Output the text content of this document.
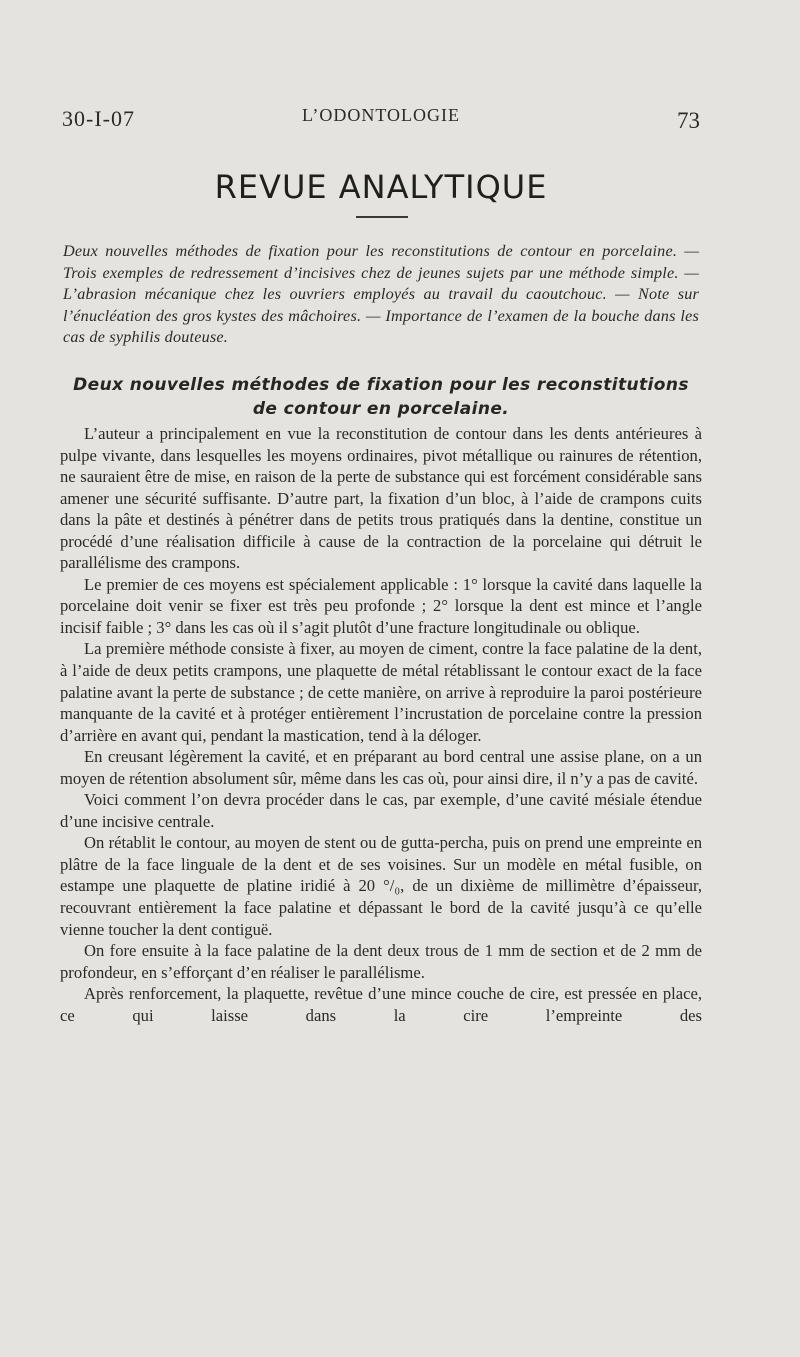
30-I-07	L’ODONTOLOGIE	73
REVUE ANALYTIQUE
Deux nouvelles méthodes de fixation pour les reconstitutions de contour en porcelaine. — Trois exemples de redressement d’incisives chez de jeunes sujets par une méthode simple. — L’abrasion mécanique chez les ouvriers employés au travail du caoutchouc. — Note sur l’énucléation des gros kystes des mâchoires. — Importance de l’examen de la bouche dans les cas de syphilis douteuse.
Deux nouvelles méthodes de fixation pour les reconstitutions de contour en porcelaine.

L’auteur a principalement en vue la reconstitution de contour dans les dents antérieures à pulpe vivante, dans lesquelles les moyens ordinaires, pivot métallique ou rainures de rétention, ne sauraient être de mise, en raison de la perte de substance qui est forcément considérable sans amener une sécurité suffisante. D’autre part, la fixation d’un bloc, à l’aide de crampons cuits dans la pâte et destinés à pénétrer dans de petits trous pratiqués dans la dentine, constitue un procédé d’une réalisation difficile à cause de la contraction de la porcelaine qui détruit le parallélisme des crampons.

Le premier de ces moyens est spécialement applicable : 1° lorsque la cavité dans laquelle la porcelaine doit venir se fixer est très peu profonde ; 2° lorsque la dent est mince et l’angle incisif faible ; 3° dans les cas où il s’agit plutôt d’une fracture longitudinale ou oblique.

La première méthode consiste à fixer, au moyen de ciment, contre la face palatine de la dent, à l’aide de deux petits crampons, une plaquette de métal rétablissant le contour exact de la face palatine avant la perte de substance ; de cette manière, on arrive à reproduire la paroi postérieure manquante de la cavité et à protéger entièrement l’incrustation de porcelaine contre la pression d’arrière en avant qui, pendant la mastication, tend à la déloger.

En creusant légèrement la cavité, et en préparant au bord central une assise plane, on a un moyen de rétention absolument sûr, même dans les cas où, pour ainsi dire, il n’y a pas de cavité.

Voici comment l’on devra procéder dans le cas, par exemple, d’une cavité mésiale étendue d’une incisive centrale.

On rétablit le contour, au moyen de stent ou de gutta-percha, puis on prend une empreinte en plâtre de la face linguale de la dent et de ses voisines. Sur un modèle en métal fusible, on estampe une plaquette de platine iridié à 20 °/₀, de un dixième de millimètre d’épaisseur, recouvrant entièrement la face palatine et dépassant le bord de la cavité jusqu’à ce qu’elle vienne toucher la dent contiguë.

On fore ensuite à la face palatine de la dent deux trous de 1 mm de section et de 2 mm de profondeur, en s’efforçant d’en réaliser le parallélisme.

Après renforcement, la plaquette, revêtue d’une mince couche de cire, est pressée en place, ce qui laisse dans la cire l’empreinte des
